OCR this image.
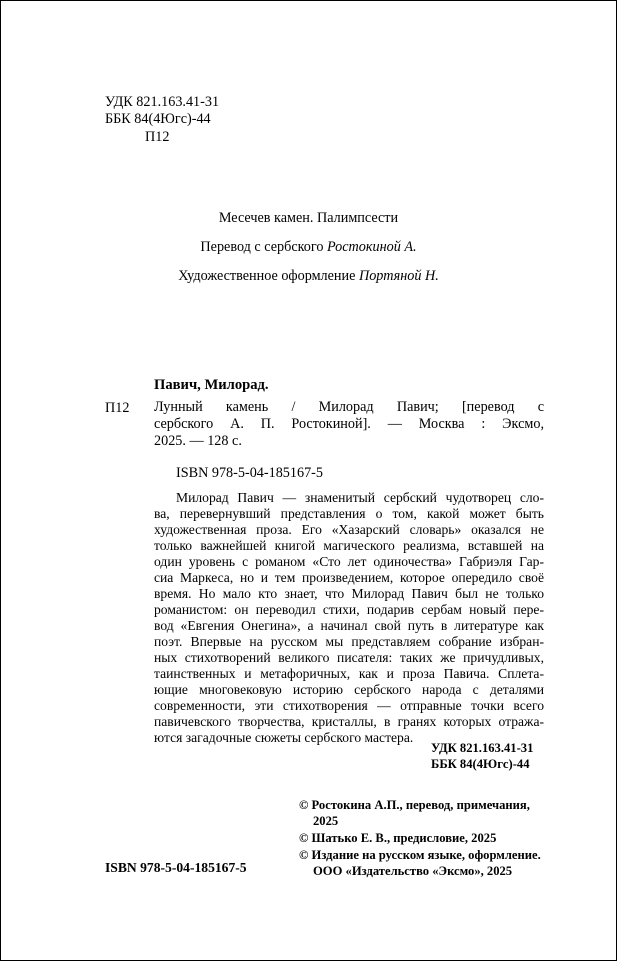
УДК 821.163.41-31
ББК 84(4Югс)-44
П12
Месечев камен. Палимпсести
Перевод с сербского Ростокиной А.
Художественное оформление Портяной Н.
Павич, Милорад.
П12 Лунный камень / Милорад Павич; [перевод с
сербского А. П. Ростокиной]. — Москва : Эксмо,
2025. — 128 с.
ISBN 978-5-04-185167-5
Милорад Павич — знаменитый сербский чудотворец сло-
ва, перевернувший представления о том, какой может быть
художественная проза. Его «Хазарский словарь» оказался не
только важнейшей книгой магического реализма, вставшей на
один уровень с романом «Сто лет одиночества» Габриэля Гар-
сиа Маркеса, но и тем произведением, которое опередило своё
время. Но мало кто знает, что Милорад Павич был не только
романистом: он переводил стихи, подарив сербам новый пере-
вод «Евгения Онегина», а начинал свой путь в литературе как
поэт. Впервые на русском мы представляем собрание избран-
ных стихотворений великого писателя: таких же причудливых,
таинственных и метафоричных, как и проза Павича. Сплета-
ющие многовековую историю сербского народа с деталями
современности, эти стихотворения — отправные точки всего
павичевского творчества, кристаллы, в гранях которых отража-
ются загадочные сюжеты сербского мастера.
УДК 821.163.41-31
ББК 84(4Югс)-44
© Ростокина А.П., перевод, примечания,
2025
© Шатько Е. В., предисловие, 2025
© Издание на русском языке, оформление.
ООО «Издательство «Эксмо», 2025
ISBN 978-5-04-185167-5
